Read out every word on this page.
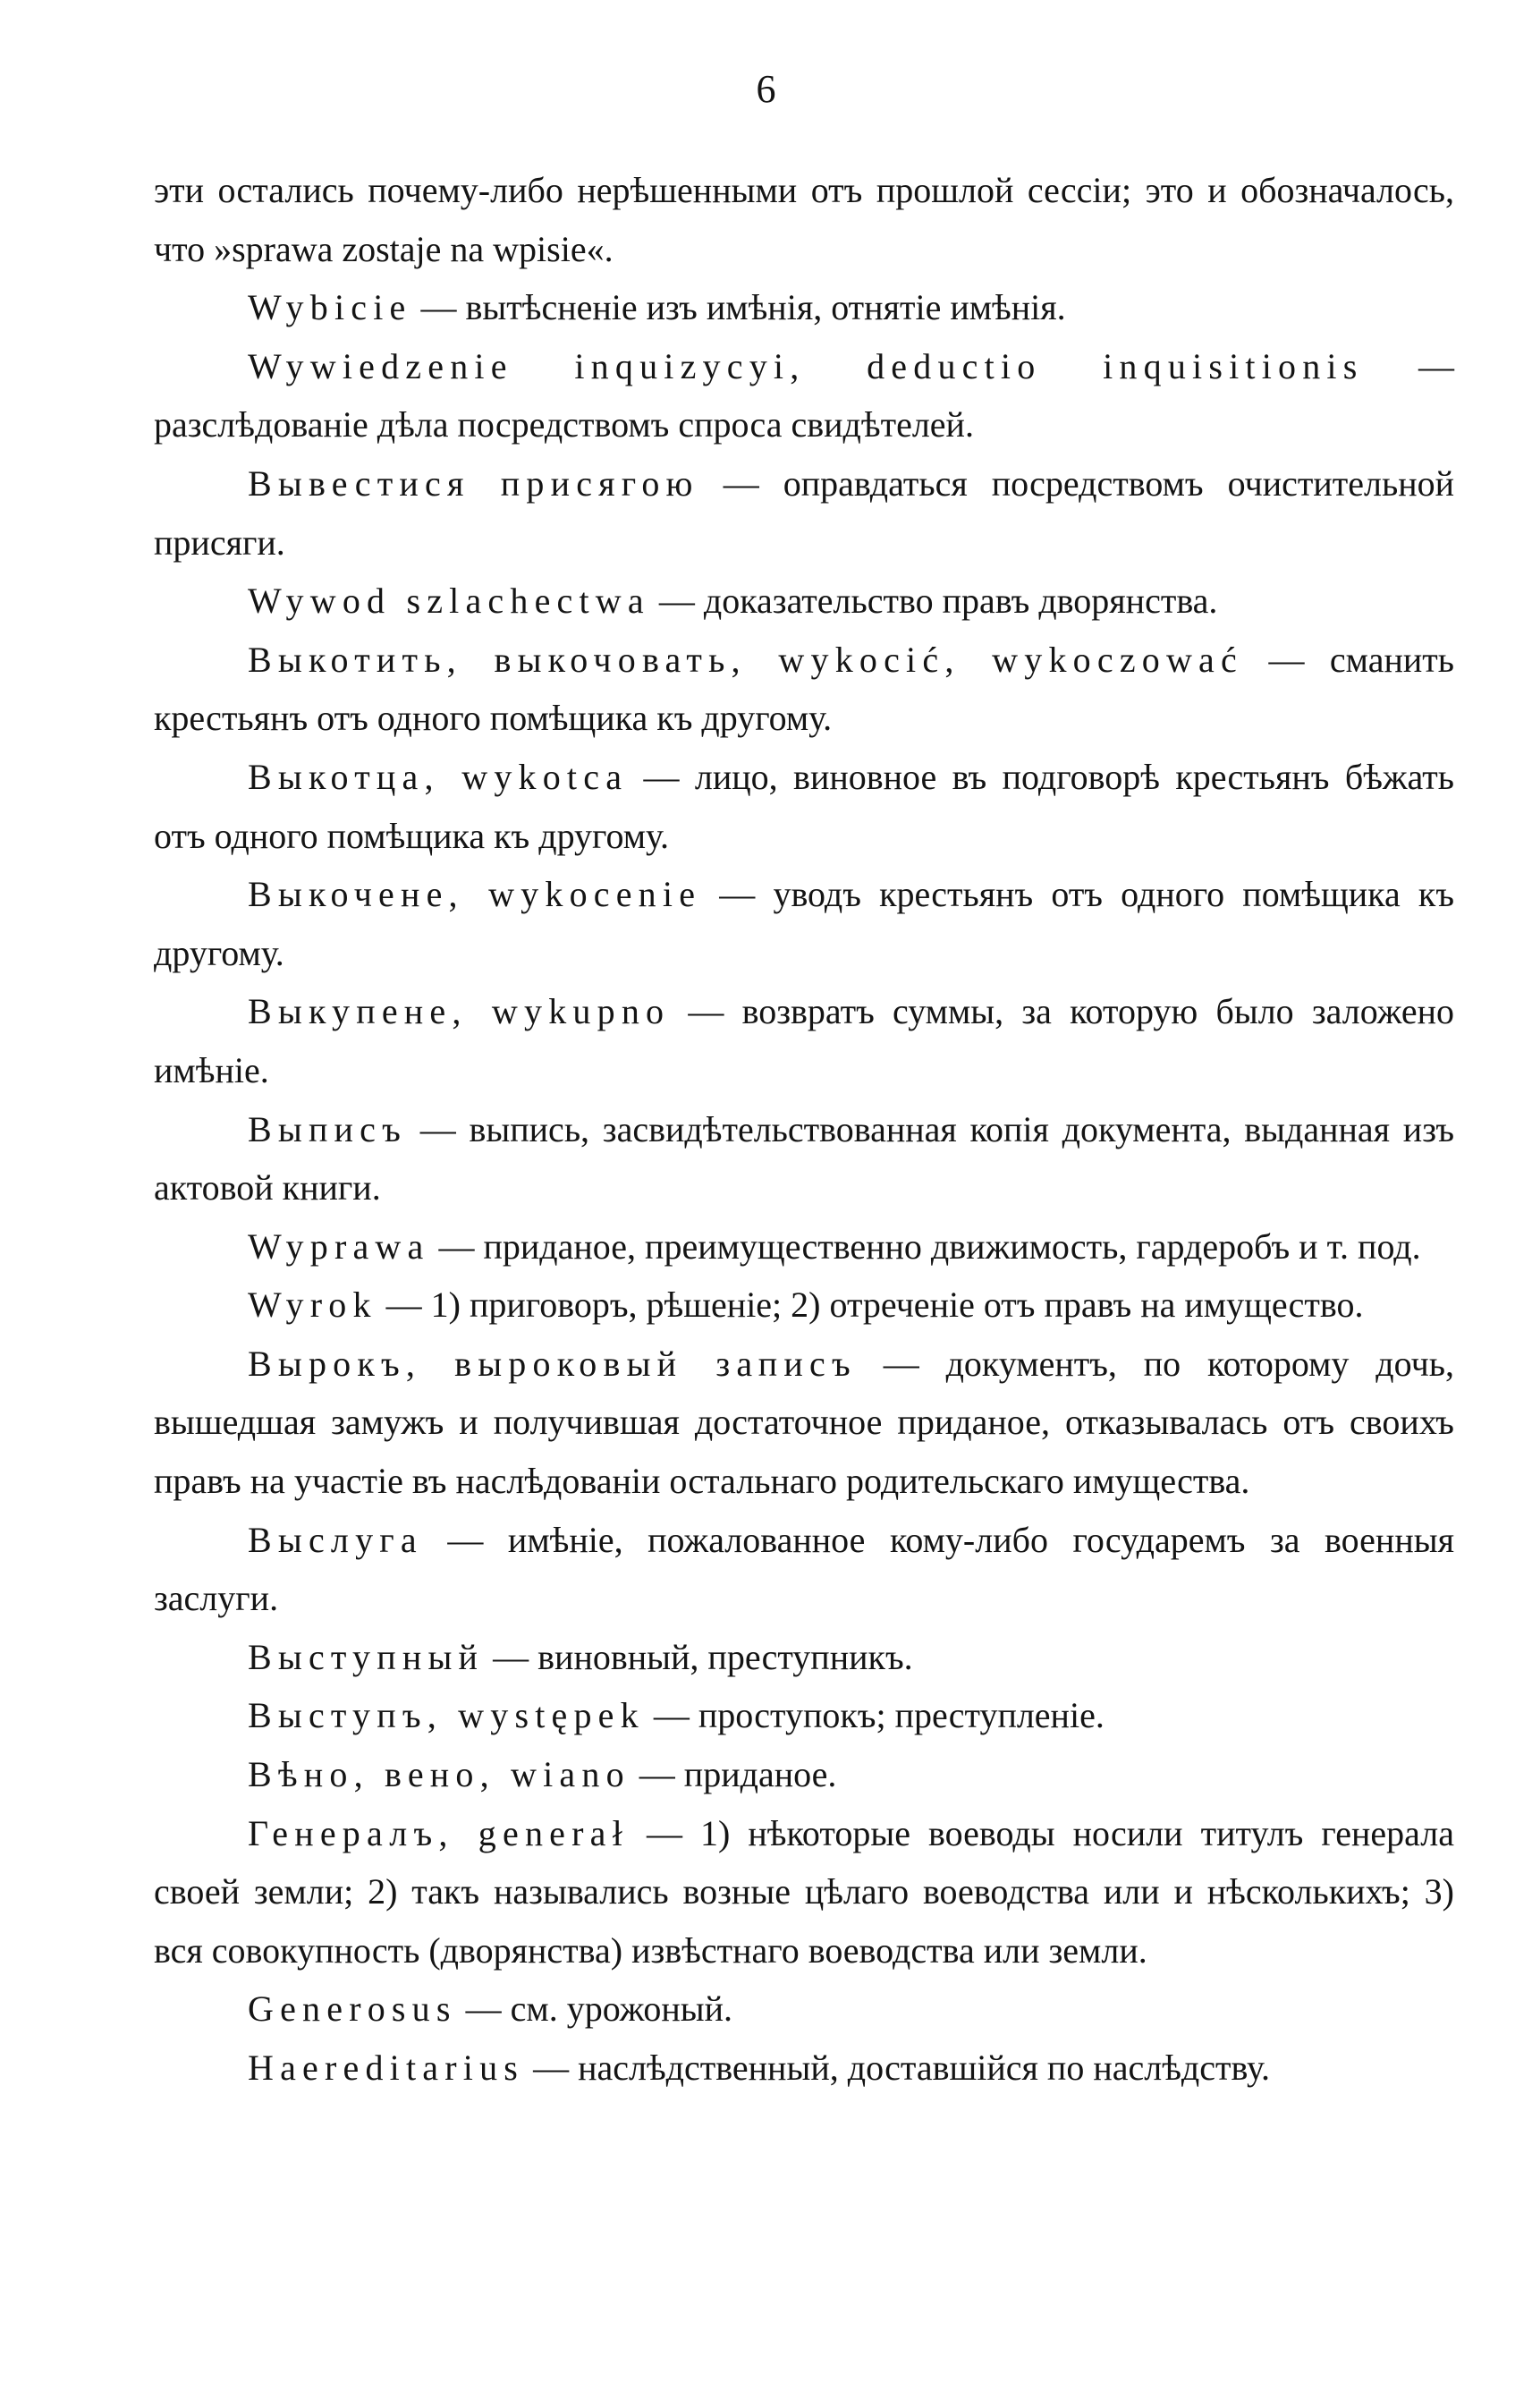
6

эти остались почему-либо нерѣшенными отъ прошлой сессіи; это и обозначалось, что »sprawa zostaje na wpisie«.

Wybicie — вытѣсненіе изъ имѣнія, отнятіе имѣнія.

Wywiedzenie inquizycyi, deductio inquisitionis — разслѣдованіе дѣла посредствомъ спроса свидѣтелей.

Вывестися присягою — оправдаться посредствомъ очистительной присяги.

Wywod szlachectwa — доказательство правъ дворянства.

Выкотить, выкочовать, wykocić, wykoczować — сманить крестьянъ отъ одного помѣщика къ другому.

Выкотца, wykotca — лицо, виновное въ подговорѣ крестьянъ бѣжать отъ одного помѣщика къ другому.

Выкочене, wykocenie — уводъ крестьянъ отъ одного помѣщика къ другому.

Выкупене, wykupno — возвратъ суммы, за которую было заложено имѣніе.

Выписъ — выпись, засвидѣтельствованная копія документа, выданная изъ актовой книги.

Wyprawa — приданое, преимущественно движимость, гардеробъ и т. под.

Wyrok — 1) приговоръ, рѣшеніе; 2) отреченіе отъ правъ на имущество.

Вырокъ, выроковый записъ — документъ, по которому дочь, вышедшая замужъ и получившая достаточное приданое, отказывалась отъ своихъ правъ на участіе въ наслѣдованіи остальнаго родительскаго имущества.

Выслуга — имѣніе, пожалованное кому-либо государемъ за военныя заслуги.

Выступный — виновный, преступникъ.

Выступъ, występek — проступокъ; преступленіе.

Вѣно, вено, wiano — приданое.

Генералъ, generał — 1) нѣкоторые воеводы носили титулъ генерала своей земли; 2) такъ назывались возные цѣлаго воеводства или и нѣсколькихъ; 3) вся совокупность (дворянства) извѣстнаго воеводства или земли.

Generosus — см. урожоный.

Haereditarius — наслѣдственный, доставшійся по наслѣдству.
